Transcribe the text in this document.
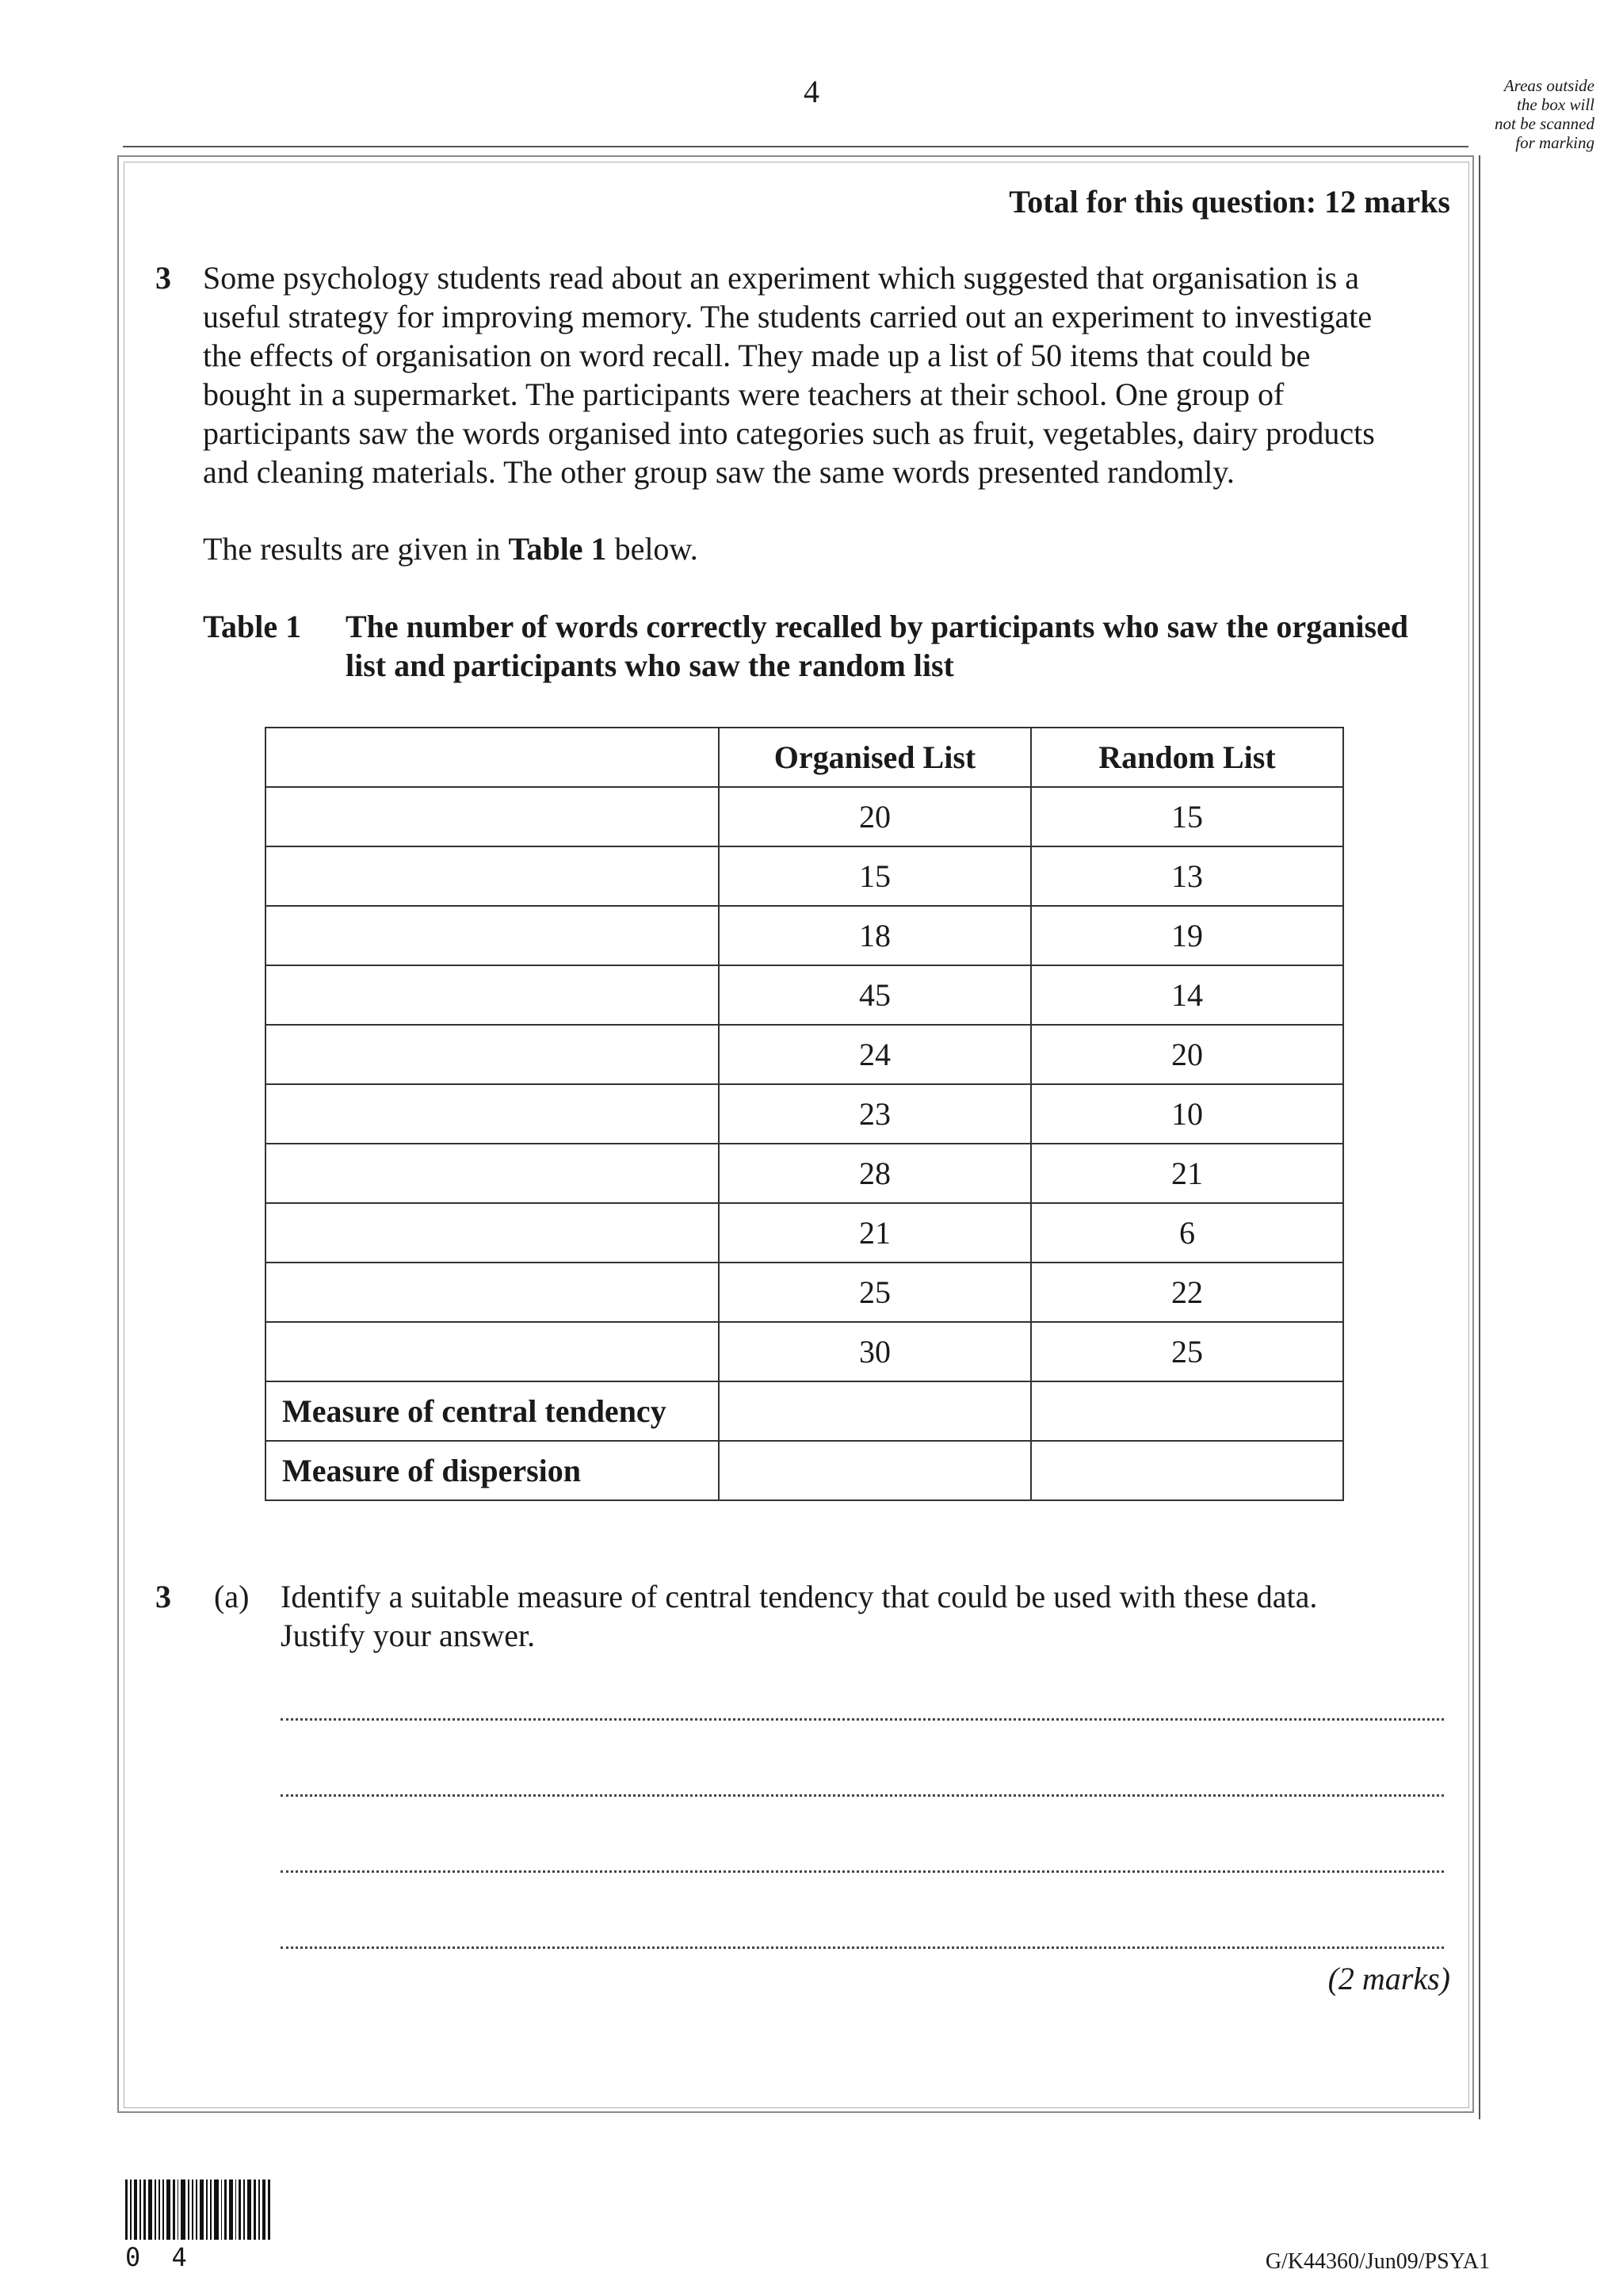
4	Areas outside
the box will
not be scanned
for marking
Total for this question: 12 marks
3 Some psychology students read about an experiment which suggested that organisation is a

useful strategy for improving memory. The students carried out an experiment to investigate

the effects of organisation on word recall. They made up a list of 50 items that could be

bought in a supermarket. The participants were teachers at their school. One group of

participants saw the words organised into categories such as fruit, vegetables, dairy products

and cleaning materials. The other group saw the same words presented randomly.

The results are given in Table 1 below.
Table 1 The number of words correctly recalled by participants who saw the organised

list and participants who saw the random list

	Organised List	Random List
	20	15
	15	13
	18	19
	45	14
	24	20
	23	10
	28	21
	21	6
	25	22
	30	25
Measure of central tendency		
Measure of dispersion		
3 (a) Identify a suitable measure of central tendency that could be used with these data.

Justify your answer.

(2 marks)
0 4	G/K44360/Jun09/PSYA1
